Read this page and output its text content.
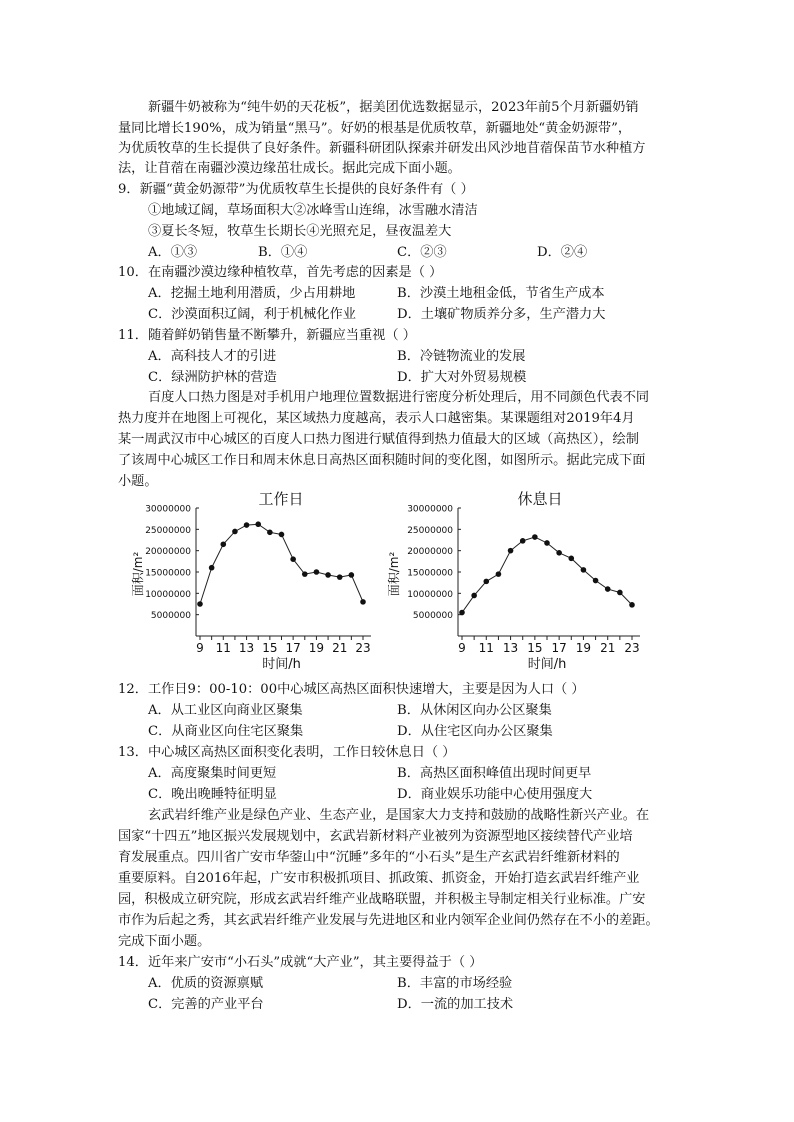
新疆牛奶被称为“纯牛奶的天花板”，据美团优选数据显示，2023年前5个月新疆奶销
量同比增长190%，成为销量“黑马”。好奶的根基是优质牧草，新疆地处“黄金奶源带”，
为优质牧草的生长提供了良好条件。新疆科研团队探索并研发出风沙地苜蓿保苗节水种植方
法，让苜蓿在南疆沙漠边缘茁壮成长。据此完成下面小题。
9．新疆“黄金奶源带”为优质牧草生长提供的良好条件有（ ）
①地域辽阔，草场面积大②冰峰雪山连绵，冰雪融水清洁
③夏长冬短，牧草生长期长④光照充足，昼夜温差大
A．①③	B．①④	C．②③	D．②④
10．在南疆沙漠边缘种植牧草，首先考虑的因素是（ ）
A．挖掘土地利用潜质，少占用耕地	B．沙漠土地租金低，节省生产成本
C．沙漠面积辽阔，利于机械化作业	D．土壤矿物质养分多，生产潜力大
11．随着鲜奶销售量不断攀升，新疆应当重视（ ）
A．高科技人才的引进	B．冷链物流业的发展
C．绿洲防护林的营造	D．扩大对外贸易规模
百度人口热力图是对手机用户地理位置数据进行密度分析处理后，用不同颜色代表不同
热力度并在地图上可视化，某区域热力度越高，表示人口越密集。某课题组对2019年4月
某一周武汉市中心城区的百度人口热力图进行赋值得到热力值最大的区域（高热区），绘制
了该周中心城区工作日和周末休息日高热区面积随时间的变化图，如图所示。据此完成下面
小题。
工作日
面积/m²
5000000
10000000
15000000
20000000
25000000
30000000
9 11 13 15 17 19 21 23
时间/h
休息日
面积/m²
5000000
10000000
15000000
20000000
25000000
30000000
9 11 13 15 17 19 21 23
时间/h
12．工作日9：00-10：00中心城区高热区面积快速增大，主要是因为人口（ ）
A．从工业区向商业区聚集	B．从休闲区向办公区聚集
C．从商业区向住宅区聚集	D．从住宅区向办公区聚集
13．中心城区高热区面积变化表明，工作日较休息日（ ）
A．高度聚集时间更短	B．高热区面积峰值出现时间更早
C．晚出晚睡特征明显	D．商业娱乐功能中心使用强度大
玄武岩纤维产业是绿色产业、生态产业，是国家大力支持和鼓励的战略性新兴产业。在
国家“十四五”地区振兴发展规划中，玄武岩新材料产业被列为资源型地区接续替代产业培
育发展重点。四川省广安市华蓥山中“沉睡”多年的“小石头”是生产玄武岩纤维新材料的
重要原料。自2016年起，广安市积极抓项目、抓政策、抓资金，开始打造玄武岩纤维产业
园，积极成立研究院，形成玄武岩纤维产业战略联盟，并积极主导制定相关行业标准。广安
市作为后起之秀，其玄武岩纤维产业发展与先进地区和业内领军企业间仍然存在不小的差距。
完成下面小题。
14．近年来广安市“小石头”成就“大产业”，其主要得益于（ ）
A．优质的资源禀赋	B．丰富的市场经验
C．完善的产业平台	D．一流的加工技术
